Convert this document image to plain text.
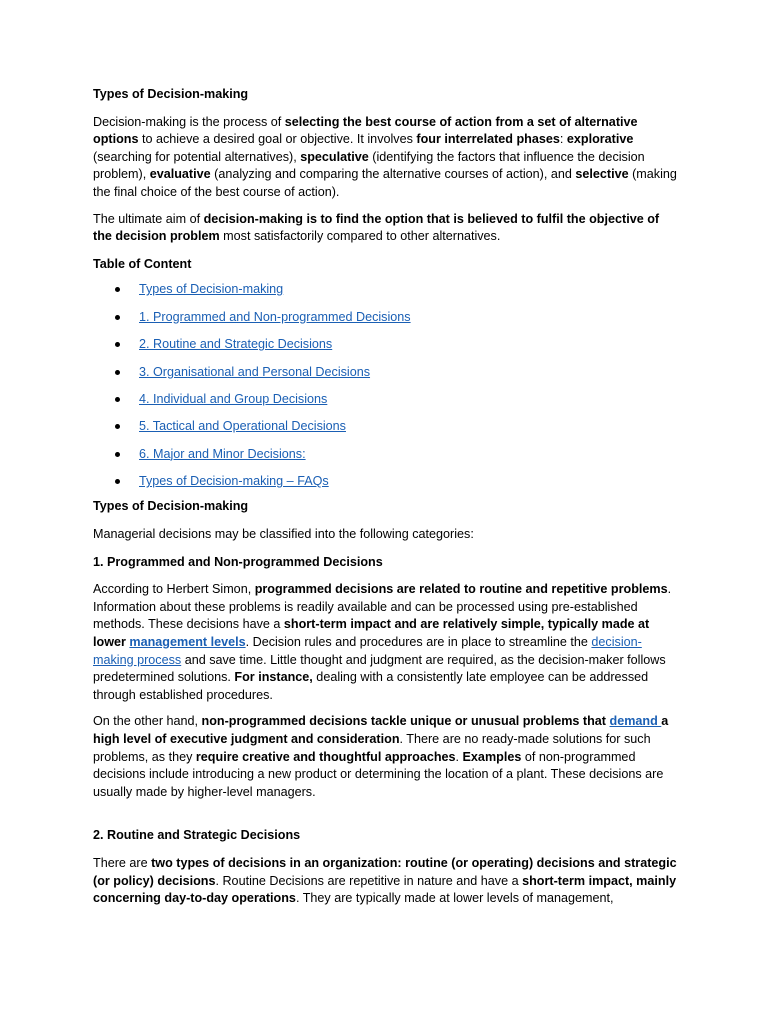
Types of Decision-making

Decision-making is the process of selecting the best course of action from a set of alternative options to achieve a desired goal or objective. It involves four interrelated phases: explorative (searching for potential alternatives), speculative (identifying the factors that influence the decision problem), evaluative (analyzing and comparing the alternative courses of action), and selective (making the final choice of the best course of action).

The ultimate aim of decision-making is to find the option that is believed to fulfil the objective of the decision problem most satisfactorily compared to other alternatives.

Table of Content
Types of Decision-making
1. Programmed and Non-programmed Decisions
2. Routine and Strategic Decisions
3. Organisational and Personal Decisions
4. Individual and Group Decisions
5. Tactical and Operational Decisions
6. Major and Minor Decisions:
Types of Decision-making – FAQs
Types of Decision-making

Managerial decisions may be classified into the following categories:

1. Programmed and Non-programmed Decisions

According to Herbert Simon, programmed decisions are related to routine and repetitive problems. Information about these problems is readily available and can be processed using pre-established methods. These decisions have a short-term impact and are relatively simple, typically made at lower management levels. Decision rules and procedures are in place to streamline the decision-making process and save time. Little thought and judgment are required, as the decision-maker follows predetermined solutions. For instance, dealing with a consistently late employee can be addressed through established procedures.

On the other hand, non-programmed decisions tackle unique or unusual problems that demand a high level of executive judgment and consideration. There are no ready-made solutions for such problems, as they require creative and thoughtful approaches. Examples of non-programmed decisions include introducing a new product or determining the location of a plant. These decisions are usually made by higher-level managers.

2. Routine and Strategic Decisions

There are two types of decisions in an organization: routine (or operating) decisions and strategic (or policy) decisions. Routine Decisions are repetitive in nature and have a short-term impact, mainly concerning day-to-day operations. They are typically made at lower levels of management,
